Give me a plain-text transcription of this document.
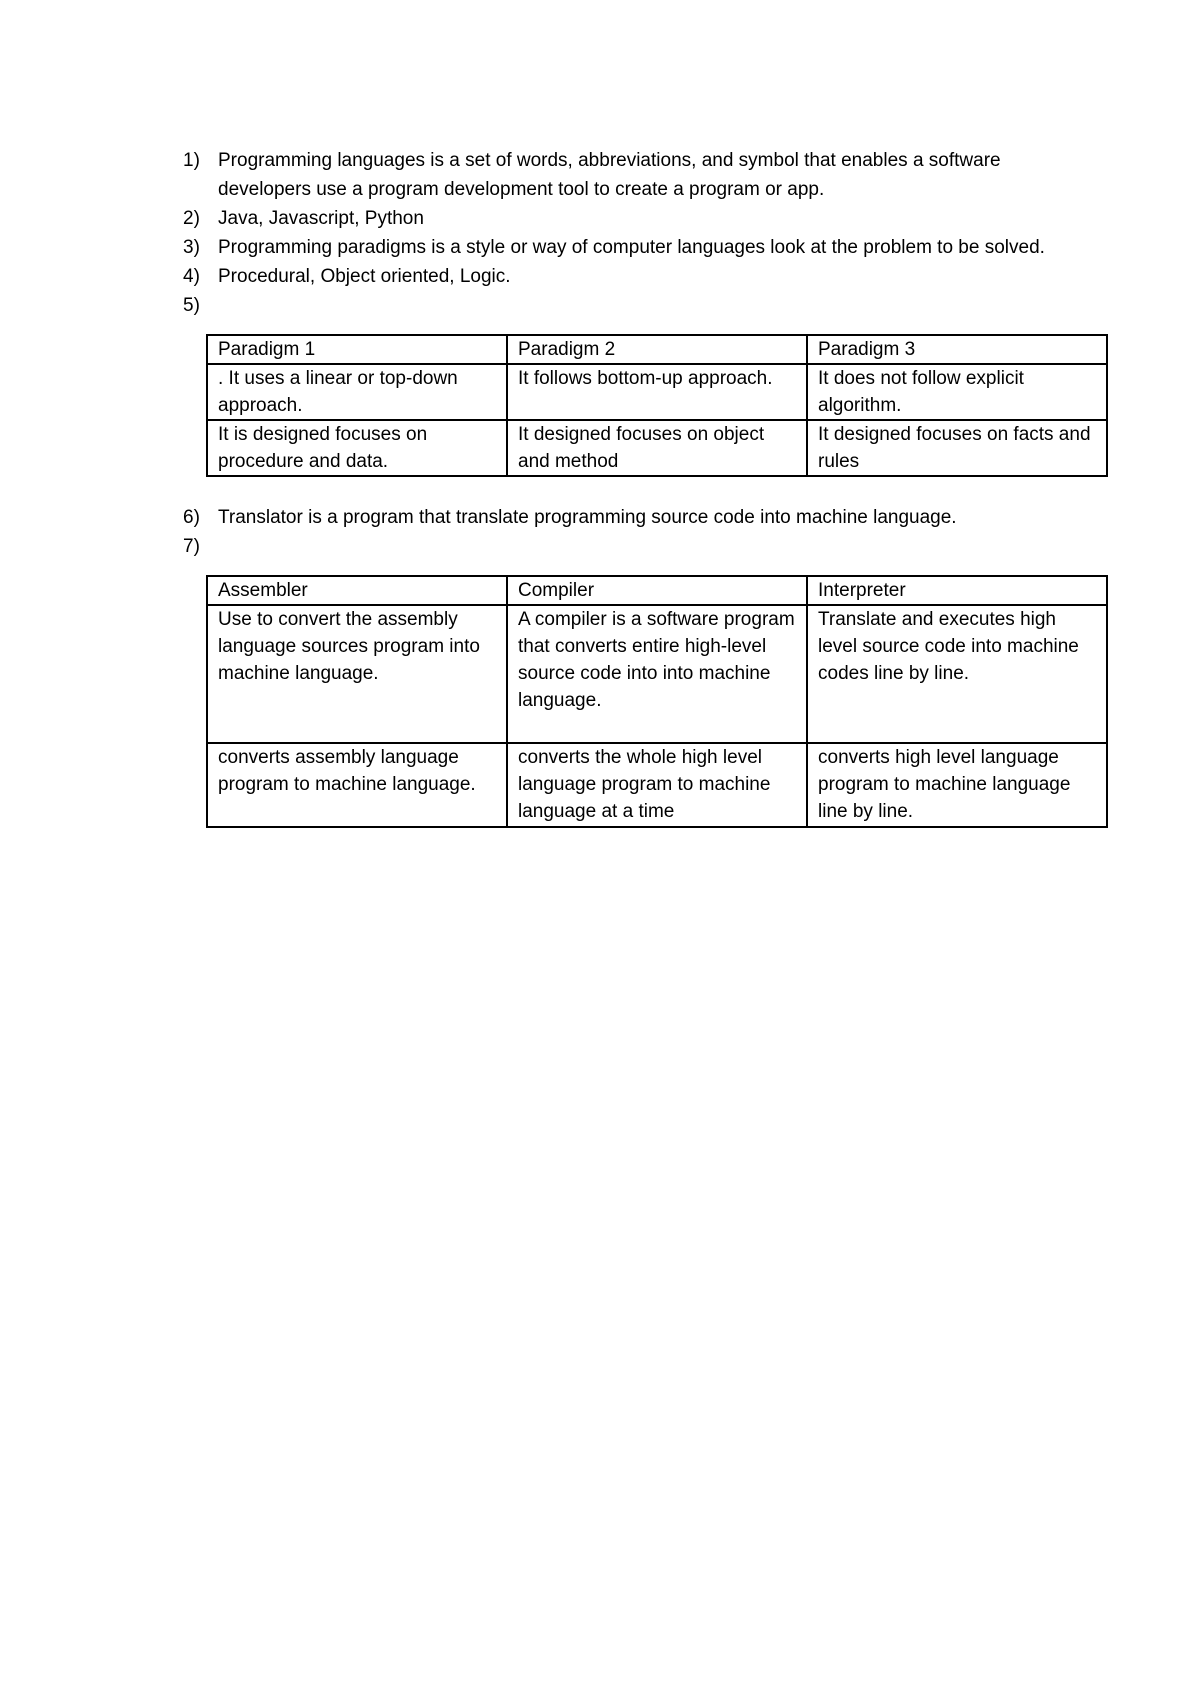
1) Programming languages is a set of words, abbreviations, and symbol that enables a software developers use a program development tool to create a program or app.
2) Java, Javascript, Python
3) Programming paradigms is a style or way of computer languages look at the problem to be solved.
4) Procedural, Object oriented, Logic.
5)
Paradigm 1	Paradigm 2	Paradigm 3
. It uses a linear or top-down approach.	It follows bottom-up approach.	It does not follow explicit algorithm.
It is designed focuses on procedure and data.	It designed focuses on object and method	It designed focuses on facts and rules
6) Translator is a program that translate programming source code into machine language.
7)
Assembler	Compiler	Interpreter
Use to convert the assembly language sources program into machine language.	A compiler is a software program that converts entire high-level source code into into machine language.	Translate and executes high level source code into machine codes line by line.
converts assembly language program to machine language.	converts the whole high level language program to machine language at a time	converts high level language program to machine language line by line.
